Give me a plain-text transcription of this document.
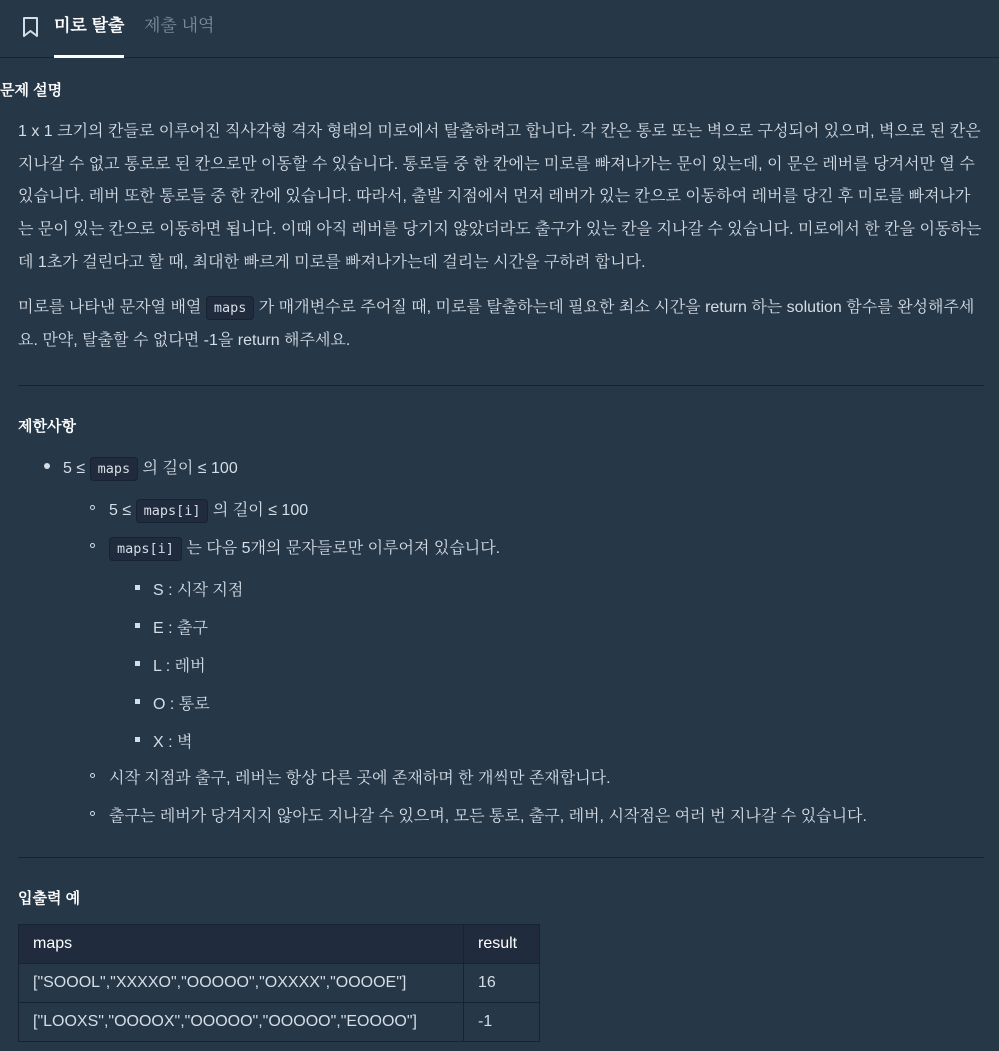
미로 탈출 제출 내역
문제 설명

1 x 1 크기의 칸들로 이루어진 직사각형 격자 형태의 미로에서 탈출하려고 합니다. 각 칸은 통로 또는 벽으로 구성되어 있으며, 벽으로 된 칸은 지나갈 수 없고 통로로 된 칸으로만 이동할 수 있습니다. 통로들 중 한 칸에는 미로를 빠져나가는 문이 있는데, 이 문은 레버를 당겨서만 열 수 있습니다. 레버 또한 통로들 중 한 칸에 있습니다. 따라서, 출발 지점에서 먼저 레버가 있는 칸으로 이동하여 레버를 당긴 후 미로를 빠져나가는 문이 있는 칸으로 이동하면 됩니다. 이때 아직 레버를 당기지 않았더라도 출구가 있는 칸을 지나갈 수 있습니다. 미로에서 한 칸을 이동하는데 1초가 걸린다고 할 때, 최대한 빠르게 미로를 빠져나가는데 걸리는 시간을 구하려 합니다.

미로를 나타낸 문자열 배열 maps 가 매개변수로 주어질 때, 미로를 탈출하는데 필요한 최소 시간을 return 하는 solution 함수를 완성해주세요. 만약, 탈출할 수 없다면 -1을 return 해주세요.

제한사항
5 ≤ maps 의 길이 ≤ 100
5 ≤ maps[i] 의 길이 ≤ 100
maps[i] 는 다음 5개의 문자들로만 이루어져 있습니다.
S : 시작 지점
E : 출구
L : 레버
O : 통로
X : 벽
시작 지점과 출구, 레버는 항상 다른 곳에 존재하며 한 개씩만 존재합니다.
출구는 레버가 당겨지지 않아도 지나갈 수 있으며, 모든 통로, 출구, 레버, 시작점은 여러 번 지나갈 수 있습니다.
입출력 예
maps	result
["SOOOL","XXXXO","OOOOO","OXXXX","OOOOE"]	16
["LOOXS","OOOOX","OOOOO","OOOOO","EOOOO"]	-1
